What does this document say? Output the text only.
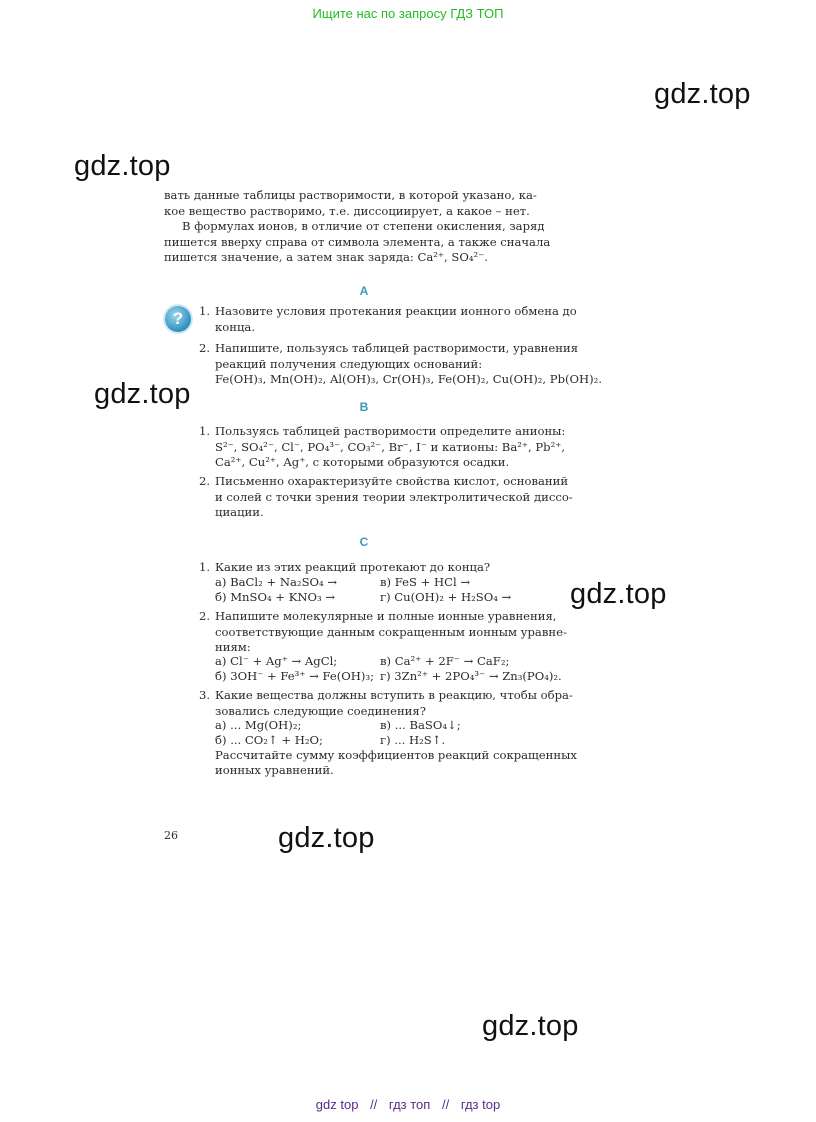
Ищите нас по запросу ГДЗ ТОП
gdz.top
gdz.top
gdz.top
gdz.top
gdz.top
gdz.top
вать данные таблицы растворимости, в которой указано, ка-
кое вещество растворимо, т.е. диссоциирует, а какое – нет.
В формулах ионов, в отличие от степени окисления, заряд
пишется вверху справа от символа элемента, а также сначала
пишется значение, а затем знак заряда: Ca²⁺, SO₄²⁻.
A
?	1. Назовите условия протекания реакции ионного обмена до
конца.
2. Напишите, пользуясь таблицей растворимости, уравнения
реакций получения следующих оснований:
Fe(OH)₃, Mn(OH)₂, Al(OH)₃, Cr(OH)₃, Fe(OH)₂, Cu(OH)₂, Pb(OH)₂.
B
1. Пользуясь таблицей растворимости определите анионы:
S²⁻, SO₄²⁻, Cl⁻, PO₄³⁻, CO₃²⁻, Br⁻, I⁻ и катионы: Ba²⁺, Pb²⁺,
Ca²⁺, Cu²⁺, Ag⁺, с которыми образуются осадки.
2. Письменно охарактеризуйте свойства кислот, оснований
и солей с точки зрения теории электролитической диссо-
циации.
C
1. Какие из этих реакций протекают до конца?
а) BaCl₂ + Na₂SO₄ →	в) FeS + HCl →
б) MnSO₄ + KNO₃ →	г) Cu(OH)₂ + H₂SO₄ →
2. Напишите молекулярные и полные ионные уравнения,
соответствующие данным сокращенным ионным уравне-
ниям:
а) Cl⁻ + Ag⁺ → AgCl;	в) Ca²⁺ + 2F⁻ → CaF₂;
б) 3OH⁻ + Fe³⁺ → Fe(OH)₃; г) 3Zn²⁺ + 2PO₄³⁻ → Zn₃(PO₄)₂.
3. Какие вещества должны вступить в реакцию, чтобы обра-
зовались следующие соединения?
а) ... Mg(OH)₂;	в) ... BaSO₄↓;
б) ... CO₂↑ + H₂O;	г) ... H₂S↑.
Рассчитайте сумму коэффициентов реакций сокращенных
ионных уравнений.
26
gdz top // гдз топ // гдз top
